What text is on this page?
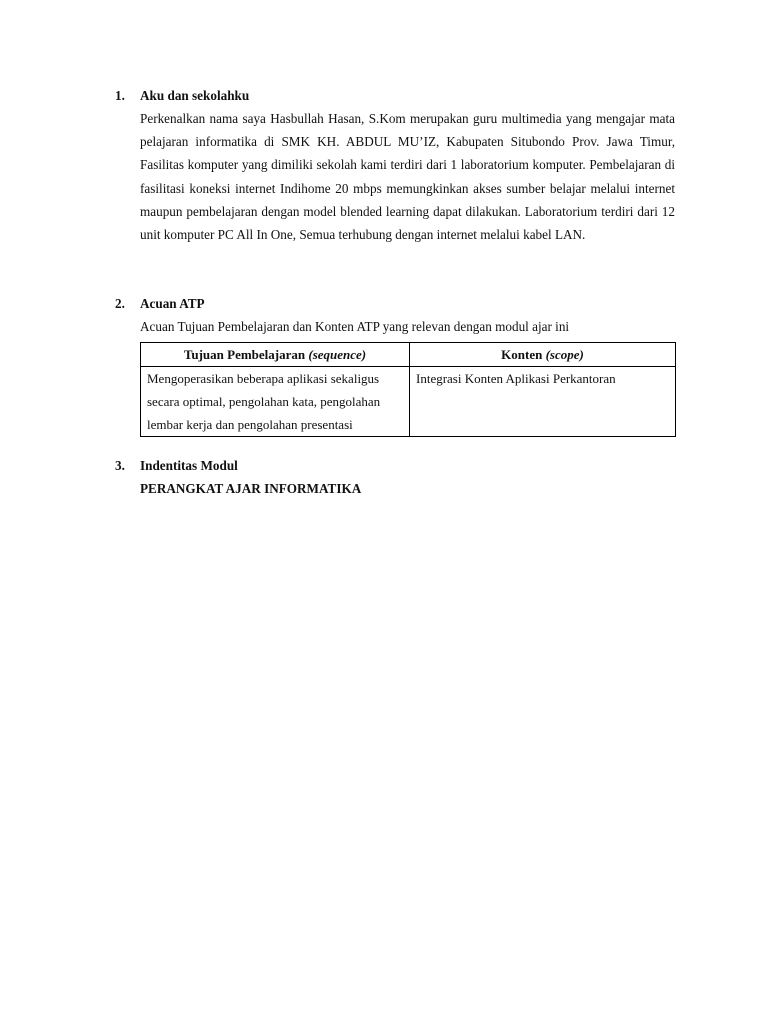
1.	Aku dan sekolahku

Perkenalkan nama saya Hasbullah Hasan, S.Kom merupakan guru multimedia yang mengajar mata pelajaran informatika di SMK KH. ABDUL MU’IZ, Kabupaten Situbondo Prov. Jawa Timur, Fasilitas komputer yang dimiliki sekolah kami terdiri dari 1 laboratorium komputer. Pembelajaran di fasilitasi koneksi internet Indihome 20 mbps memungkinkan akses sumber belajar melalui internet maupun pembelajaran dengan model blended learning dapat dilakukan. Laboratorium terdiri dari 12 unit komputer PC All In One, Semua terhubung dengan internet melalui kabel LAN.

2.	Acuan ATP

Acuan Tujuan Pembelajaran dan Konten ATP yang relevan dengan modul ajar ini

Tujuan Pembelajaran (sequence)	Konten (scope)
Mengoperasikan beberapa aplikasi sekaligus secara optimal, pengolahan kata, pengolahan lembar kerja dan pengolahan presentasi	Integrasi Konten Aplikasi Perkantoran
3.	Indentitas Modul
PERANGKAT AJAR INFORMATIKA
